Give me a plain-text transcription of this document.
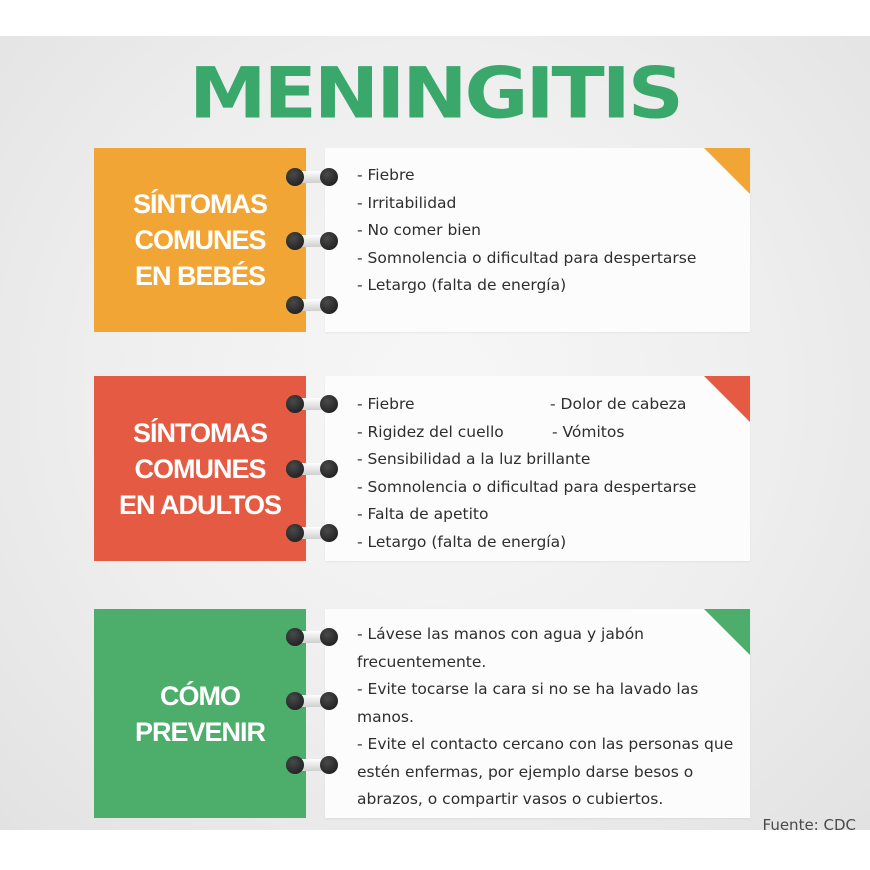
MENINGITIS
SÍNTOMAS
COMUNES
EN BEBÉS
- Fiebre
- Irritabilidad
- No comer bien
- Somnolencia o dificultad para despertarse
- Letargo (falta de energía)
SÍNTOMAS
COMUNES
EN ADULTOS
- Fiebre
- Rigidez del cuello
- Sensibilidad a la luz brillante
- Somnolencia o dificultad para despertarse
- Falta de apetito
- Letargo (falta de energía)
- Dolor de cabeza
- Vómitos
CÓMO
PREVENIR

- Lávese las manos con agua y jabón frecuentemente.

- Evite tocarse la cara si no se ha lavado las manos.

- Evite el contacto cercano con las personas que estén enfermas, por ejemplo darse besos o abrazos, o compartir vasos o cubiertos.

Fuente: CDC
